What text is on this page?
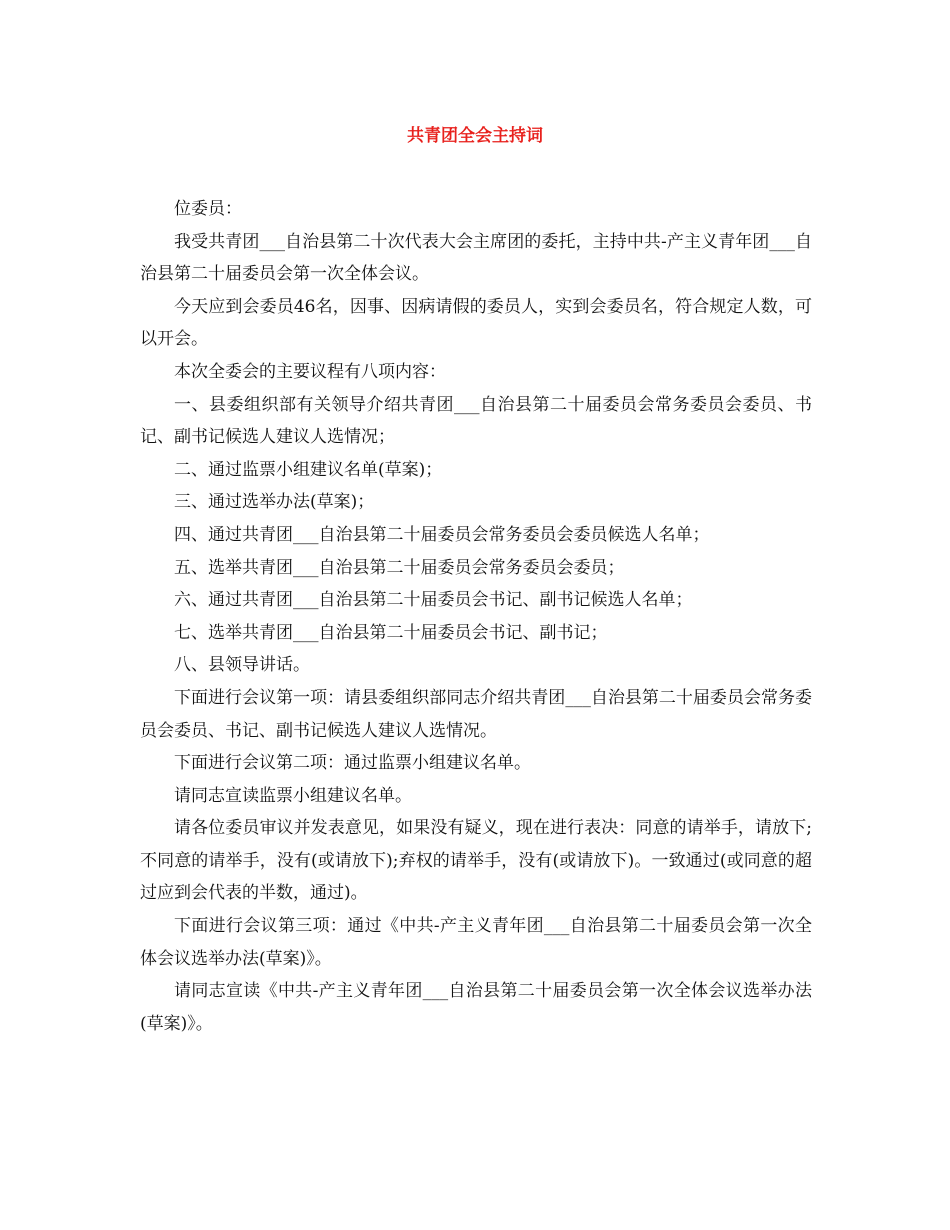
共青团全会主持词

位委员：

我受共青团___自治县第二十次代表大会主席团的委托，主持中共-产主义青年团___自治县第二十届委员会第一次全体会议。

今天应到会委员46名，因事、因病请假的委员人，实到会委员名，符合规定人数，可以开会。

本次全委会的主要议程有八项内容：

一、县委组织部有关领导介绍共青团___自治县第二十届委员会常务委员会委员、书记、副书记候选人建议人选情况；

二、通过监票小组建议名单(草案)；

三、通过选举办法(草案)；

四、通过共青团___自治县第二十届委员会常务委员会委员候选人名单；

五、选举共青团___自治县第二十届委员会常务委员会委员；

六、通过共青团___自治县第二十届委员会书记、副书记候选人名单；

七、选举共青团___自治县第二十届委员会书记、副书记；

八、县领导讲话。

下面进行会议第一项：请县委组织部同志介绍共青团___自治县第二十届委员会常务委员会委员、书记、副书记候选人建议人选情况。

下面进行会议第二项：通过监票小组建议名单。

请同志宣读监票小组建议名单。

请各位委员审议并发表意见，如果没有疑义，现在进行表决：同意的请举手，请放下;不同意的请举手，没有(或请放下);弃权的请举手，没有(或请放下)。一致通过(或同意的超过应到会代表的半数，通过)。

下面进行会议第三项：通过《中共-产主义青年团___自治县第二十届委员会第一次全体会议选举办法(草案)》。

请同志宣读《中共-产主义青年团___自治县第二十届委员会第一次全体会议选举办法(草案)》。
